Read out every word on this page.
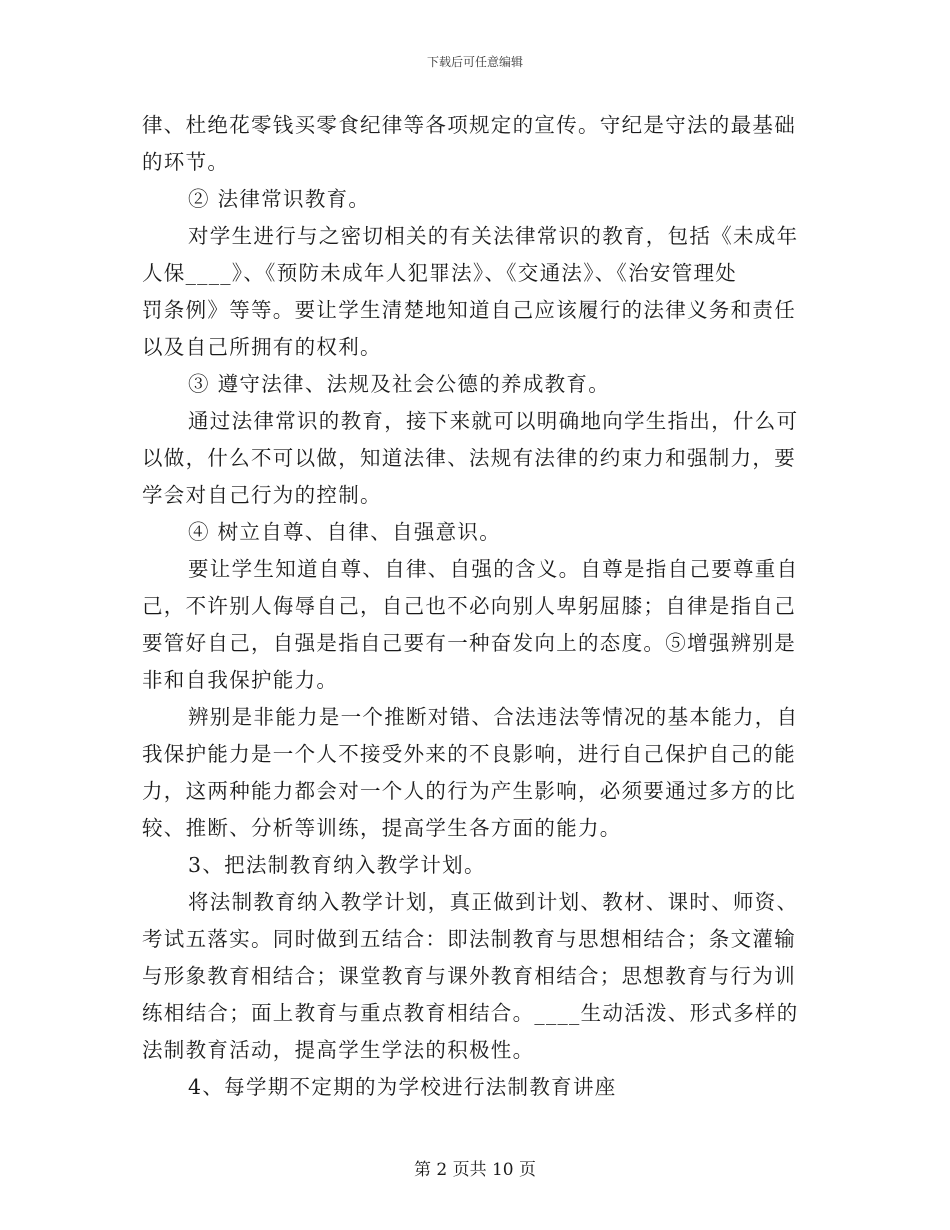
下载后可任意编辑
律、杜绝花零钱买零食纪律等各项规定的宣传。守纪是守法的最基础
的环节。
② 法律常识教育。
对学生进行与之密切相关的有关法律常识的教育，包括《未成年
人保____》、《预防未成年人犯罪法》、《交通法》、《治安管理处
罚条例》等等。要让学生清楚地知道自己应该履行的法律义务和责任
以及自己所拥有的权利。
③ 遵守法律、法规及社会公德的养成教育。
通过法律常识的教育，接下来就可以明确地向学生指出，什么可
以做，什么不可以做，知道法律、法规有法律的约束力和强制力，要
学会对自己行为的控制。
④ 树立自尊、自律、自强意识。
要让学生知道自尊、自律、自强的含义。自尊是指自己要尊重自
己，不许别人侮辱自己，自己也不必向别人卑躬屈膝；自律是指自己
要管好自己，自强是指自己要有一种奋发向上的态度。⑤增强辨别是
非和自我保护能力。
辨别是非能力是一个推断对错、合法违法等情况的基本能力，自
我保护能力是一个人不接受外来的不良影响，进行自己保护自己的能
力，这两种能力都会对一个人的行为产生影响，必须要通过多方的比
较、推断、分析等训练，提高学生各方面的能力。
3、把法制教育纳入教学计划。
将法制教育纳入教学计划，真正做到计划、教材、课时、师资、
考试五落实。同时做到五结合：即法制教育与思想相结合；条文灌输
与形象教育相结合；课堂教育与课外教育相结合；思想教育与行为训
练相结合；面上教育与重点教育相结合。____生动活泼、形式多样的
法制教育活动，提高学生学法的积极性。
4、每学期不定期的为学校进行法制教育讲座
第 2 页共 10 页
